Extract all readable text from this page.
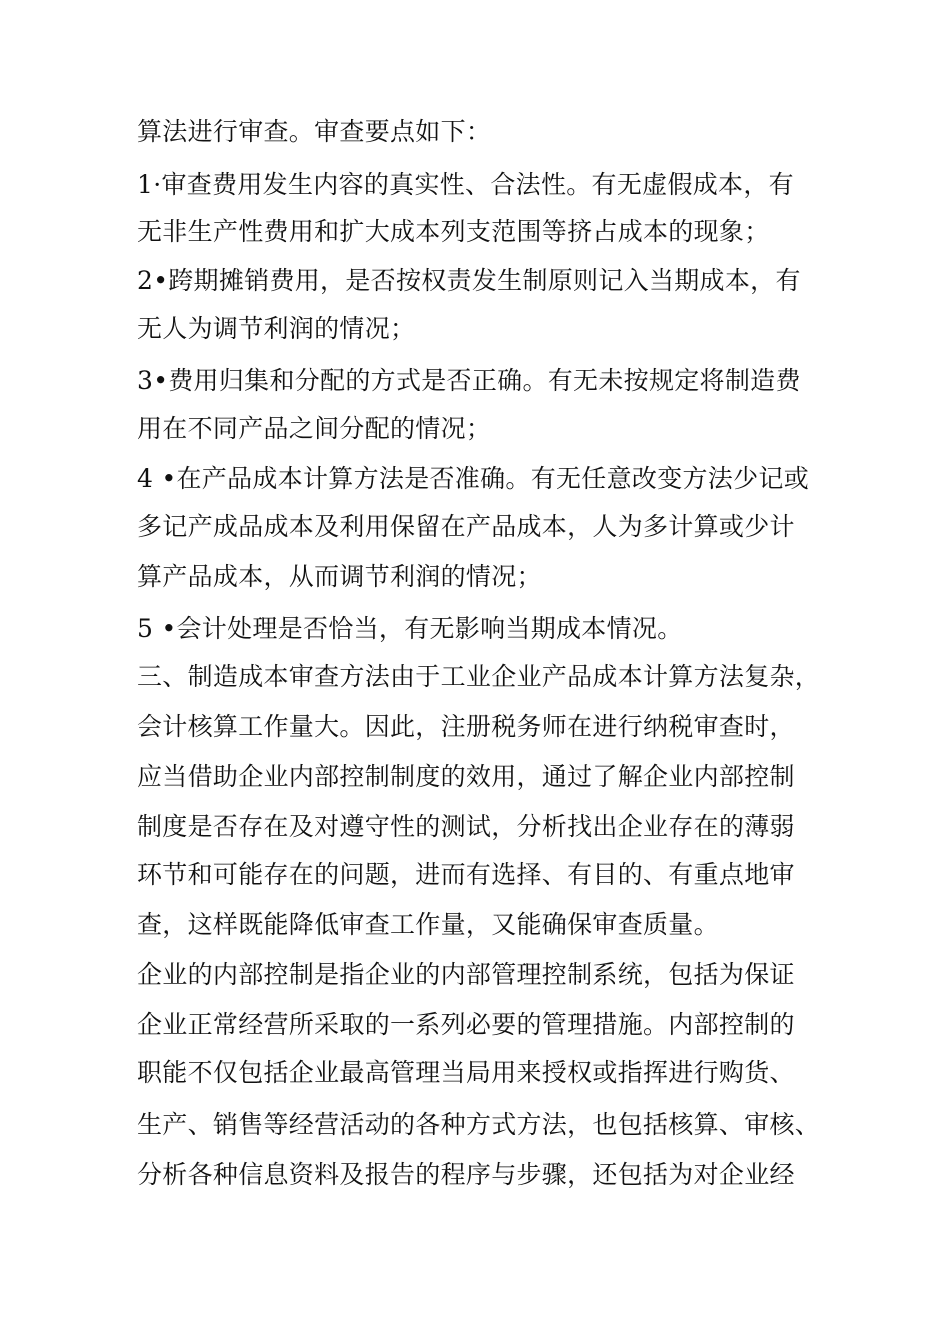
算法进行审查。审查要点如下：
1·审查费用发生内容的真实性、合法性。有无虚假成本，有
无非生产性费用和扩大成本列支范围等挤占成本的现象；
2•跨期摊销费用，是否按权责发生制原则记入当期成本，有
无人为调节利润的情况；
3•费用归集和分配的方式是否正确。有无未按规定将制造费
用在不同产品之间分配的情况；
4 •在产品成本计算方法是否准确。有无任意改变方法少记或
多记产成品成本及利用保留在产品成本，人为多计算或少计
算产品成本，从而调节利润的情况；
5 •会计处理是否恰当，有无影响当期成本情况。
三、制造成本审查方法由于工业企业产品成本计算方法复杂，
会计核算工作量大。因此，注册税务师在进行纳税审查时，
应当借助企业内部控制制度的效用，通过了解企业内部控制
制度是否存在及对遵守性的测试，分析找出企业存在的薄弱
环节和可能存在的问题，进而有选择、有目的、有重点地审
查，这样既能降低审查工作量，又能确保审查质量。
企业的内部控制是指企业的内部管理控制系统，包括为保证
企业正常经营所采取的一系列必要的管理措施。内部控制的
职能不仅包括企业最高管理当局用来授权或指挥进行购货、
生产、销售等经营活动的各种方式方法，也包括核算、审核、
分析各种信息资料及报告的程序与步骤，还包括为对企业经
